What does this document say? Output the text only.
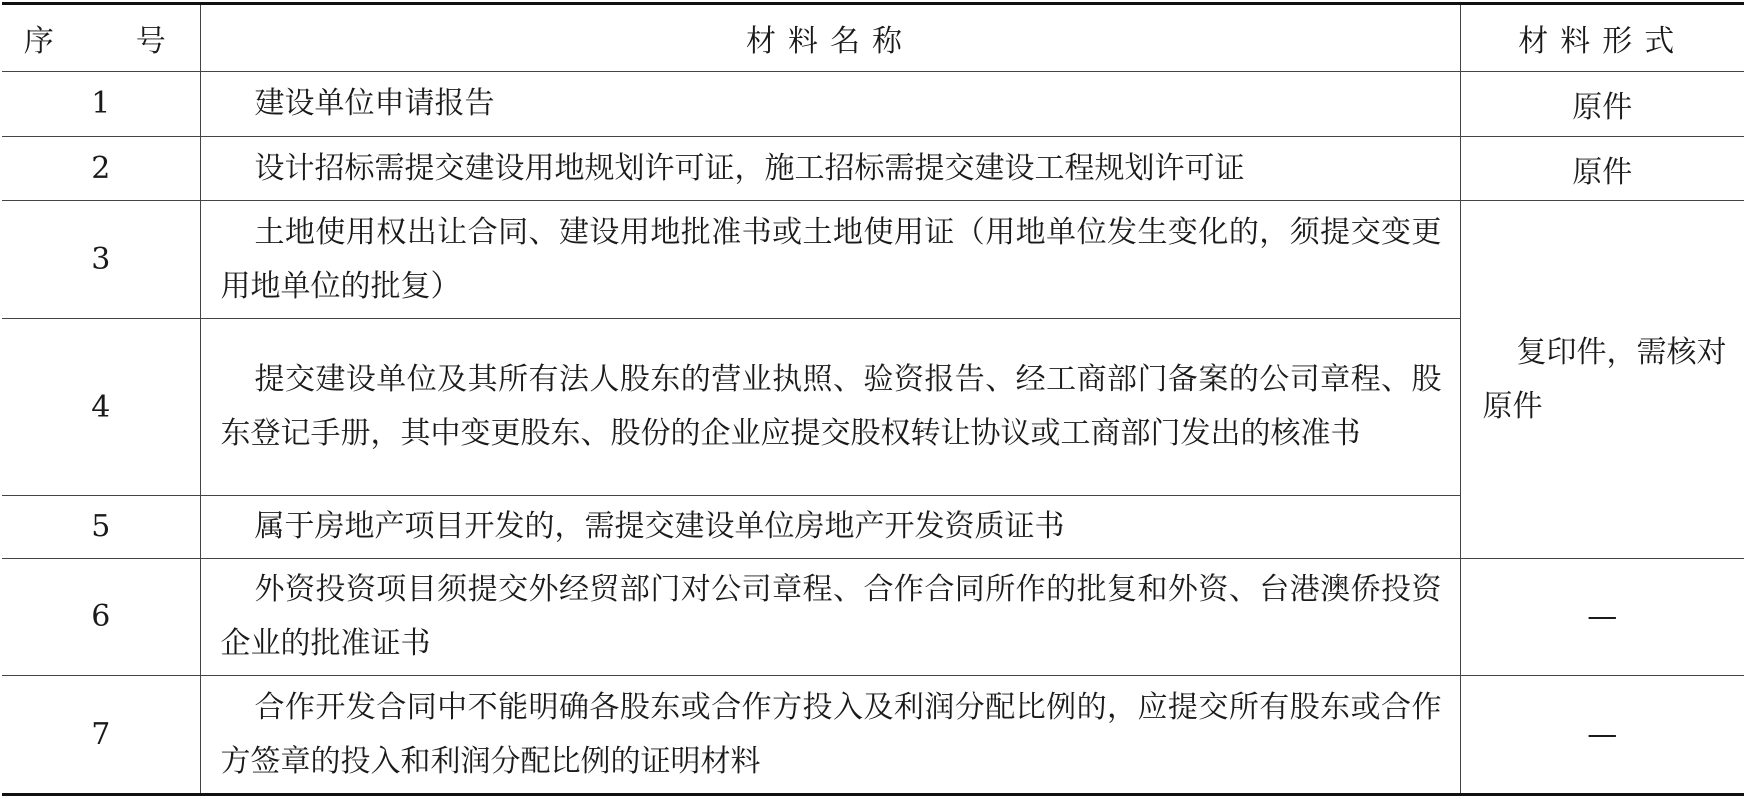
序 号	材料名称	材料形式
1	建设单位申请报告	原件
2	设计招标需提交建设用地规划许可证，施工招标需提交建设工程规划许可证	原件
3	土地使用权出让合同、建设用地批准书或土地使用证（用地单位发生变化的，须提交变更用地单位的批复）	复印件，需核对原件
4	提交建设单位及其所有法人股东的营业执照、验资报告、经工商部门备案的公司章程、股东登记手册，其中变更股东、股份的企业应提交股权转让协议或工商部门发出的核准书	
5	属于房地产项目开发的，需提交建设单位房地产开发资质证书	
6	外资投资项目须提交外经贸部门对公司章程、合作合同所作的批复和外资、台港澳侨投资企业的批准证书	—
7	合作开发合同中不能明确各股东或合作方投入及利润分配比例的，应提交所有股东或合作方签章的投入和利润分配比例的证明材料	—
